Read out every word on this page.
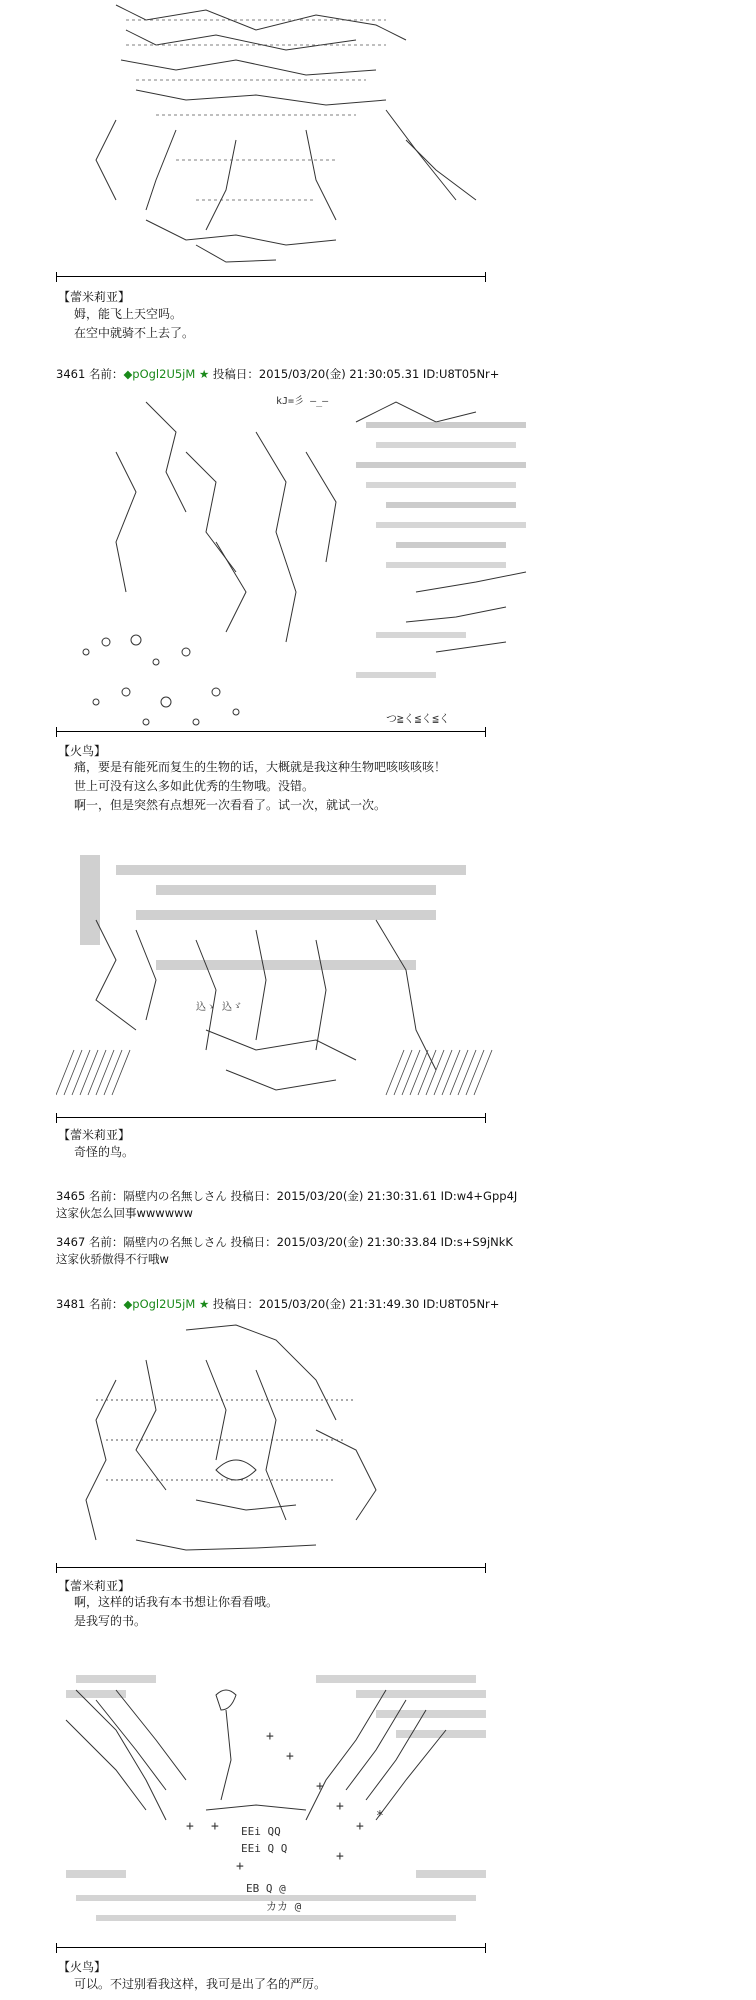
【蕾米莉亚】
姆，能飞上天空吗。
在空中就骑不上去了。
3461 名前：◆pOgl2U5jM ★ 投稿日：2015/03/20(金) 21:30:05.31 ID:U8T05Nr+
kJ=彡 —_—
つ≧く≦く≦く
【火鸟】
痛，要是有能死而复生的生物的话，大概就是我这种生物吧咳咳咳咳！
世上可没有这么多如此优秀的生物哦。没错。
啊一，但是突然有点想死一次看看了。试一次，就试一次。
込ゝ 込ゞ
【蕾米莉亚】
奇怪的鸟。
3465 名前：隔壁内の名無しさん 投稿日：2015/03/20(金) 21:30:31.61 ID:w4+Gpp4J
这家伙怎么回事wwwwww
3467 名前：隔壁内の名無しさん 投稿日：2015/03/20(金) 21:30:33.84 ID:s+S9jNkK
这家伙骄傲得不行哦w
3481 名前：◆pOgl2U5jM ★ 投稿日：2015/03/20(金) 21:31:49.30 ID:U8T05Nr+
【蕾米莉亚】
啊，这样的话我有本书想让你看看哦。
是我写的书。
+
+
+ +
+
+
+
*
+
+
EEi QQ
EEi Q Q
EB Q @
カカ @
【火鸟】
可以。不过别看我这样，我可是出了名的严厉。
